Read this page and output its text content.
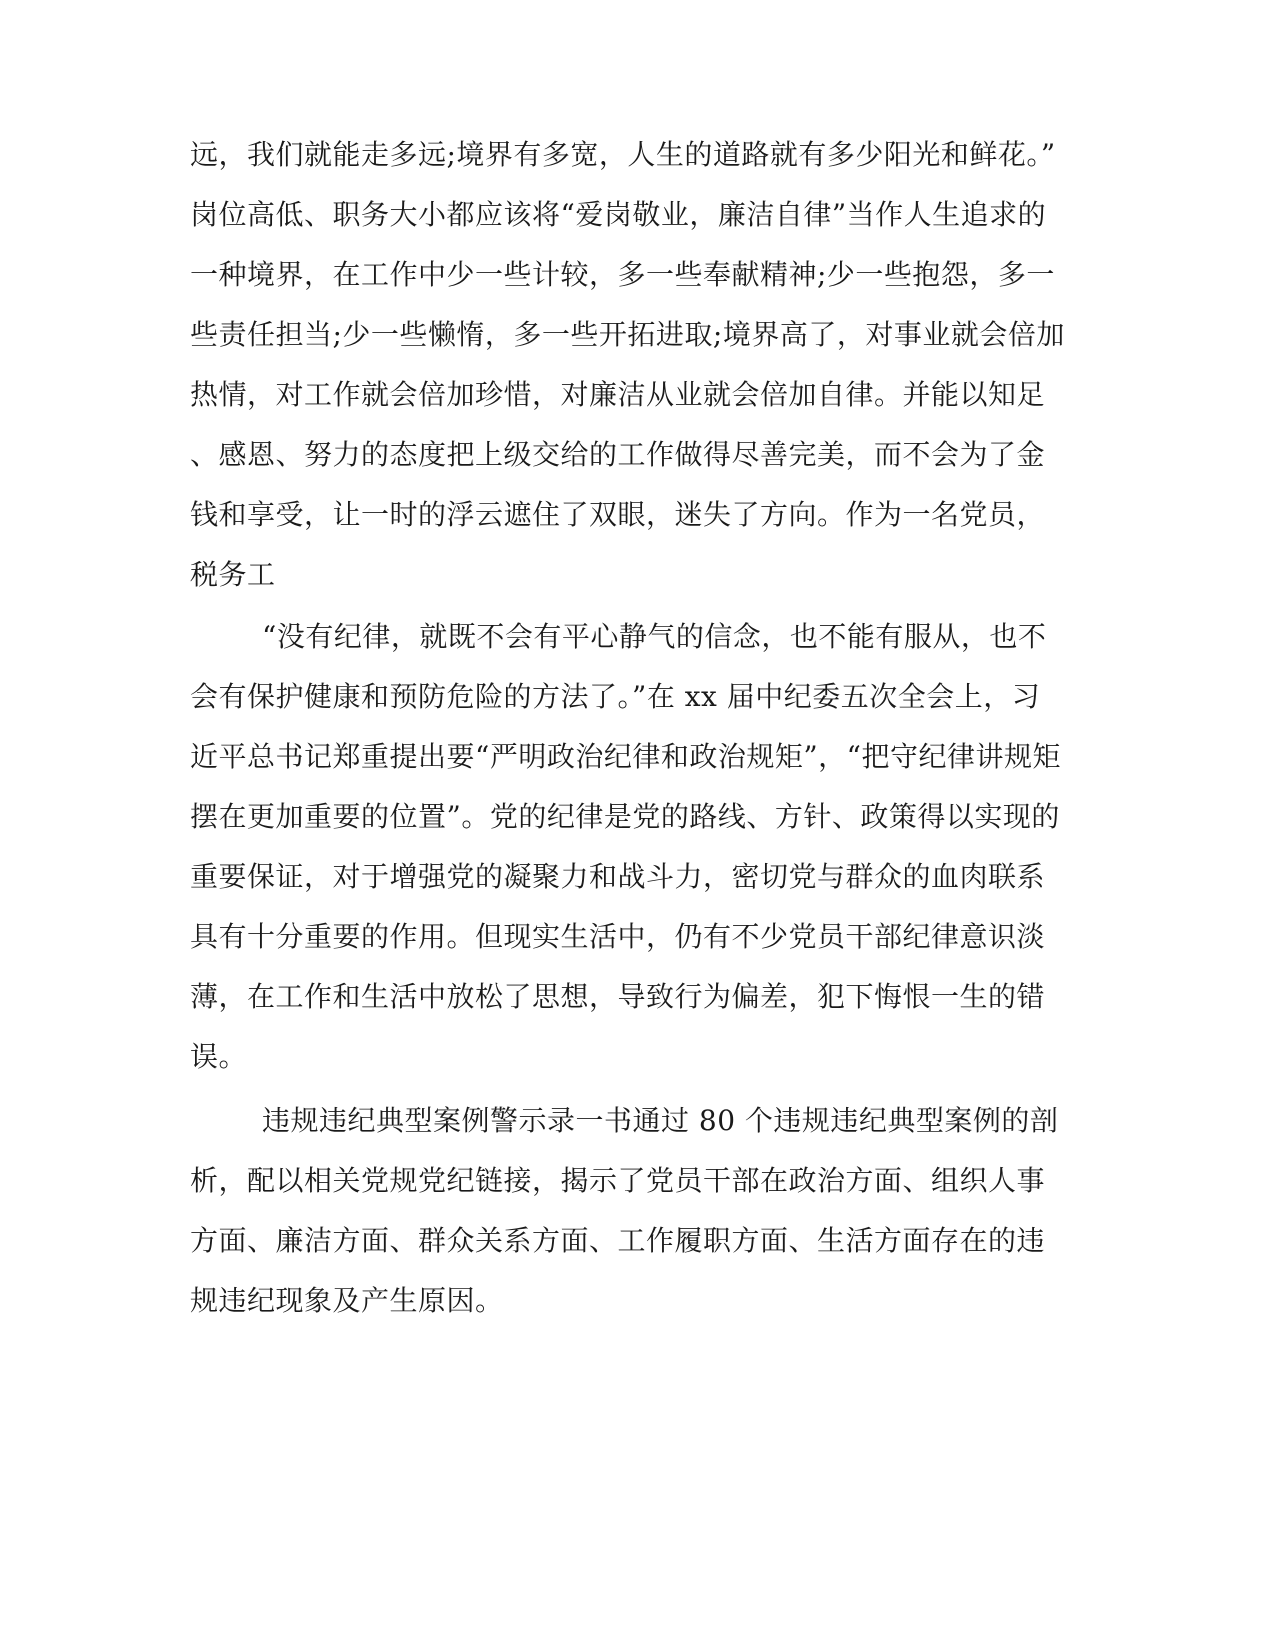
远，我们就能走多远;境界有多宽，人生的道路就有多少阳光和鲜花。”
岗位高低、职务大小都应该将“爱岗敬业，廉洁自律”当作人生追求的
一种境界，在工作中少一些计较，多一些奉献精神;少一些抱怨，多一
些责任担当;少一些懒惰，多一些开拓进取;境界高了，对事业就会倍加
热情，对工作就会倍加珍惜，对廉洁从业就会倍加自律。并能以知足
、感恩、努力的态度把上级交给的工作做得尽善完美，而不会为了金
钱和享受，让一时的浮云遮住了双眼，迷失了方向。作为一名党员，
税务工
“没有纪律，就既不会有平心静气的信念，也不能有服从，也不
会有保护健康和预防危险的方法了。”在 xx 届中纪委五次全会上，习
近平总书记郑重提出要“严明政治纪律和政治规矩”，“把守纪律讲规矩
摆在更加重要的位置”。党的纪律是党的路线、方针、政策得以实现的
重要保证，对于增强党的凝聚力和战斗力，密切党与群众的血肉联系
具有十分重要的作用。但现实生活中，仍有不少党员干部纪律意识淡
薄，在工作和生活中放松了思想，导致行为偏差，犯下悔恨一生的错
误。
违规违纪典型案例警示录一书通过 80 个违规违纪典型案例的剖
析，配以相关党规党纪链接，揭示了党员干部在政治方面、组织人事
方面、廉洁方面、群众关系方面、工作履职方面、生活方面存在的违
规违纪现象及产生原因。
